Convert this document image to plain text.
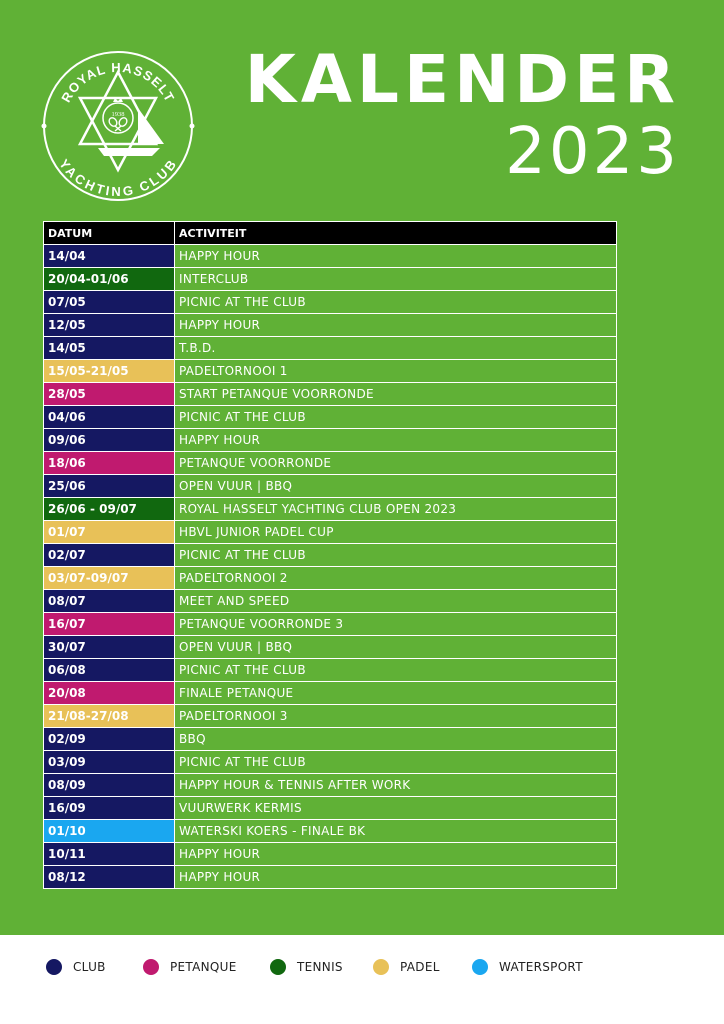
ROYAL HASSELT
YACHTING CLUB
1938 KALENDER
2023
DATUM	ACTIVITEIT
14/04	HAPPY HOUR
20/04-01/06	INTERCLUB
07/05	PICNIC AT THE CLUB
12/05	HAPPY HOUR
14/05	T.B.D.
15/05-21/05	PADELTORNOOI 1
28/05	START PETANQUE VOORRONDE
04/06	PICNIC AT THE CLUB
09/06	HAPPY HOUR
18/06	PETANQUE VOORRONDE
25/06	OPEN VUUR | BBQ
26/06 - 09/07	ROYAL HASSELT YACHTING CLUB OPEN 2023
01/07	HBVL JUNIOR PADEL CUP
02/07	PICNIC AT THE CLUB
03/07-09/07	PADELTORNOOI 2
08/07	MEET AND SPEED
16/07	PETANQUE VOORRONDE 3
30/07	OPEN VUUR | BBQ
06/08	PICNIC AT THE CLUB
20/08	FINALE PETANQUE
21/08-27/08	PADELTORNOOI 3
02/09	BBQ
03/09	PICNIC AT THE CLUB
08/09	HAPPY HOUR & TENNIS AFTER WORK
16/09	VUURWERK KERMIS
01/10	WATERSKI KOERS - FINALE BK
10/11	HAPPY HOUR
08/12	HAPPY HOUR
CLUB	PETANQUE	TENNIS	PADEL	WATERSPORT
